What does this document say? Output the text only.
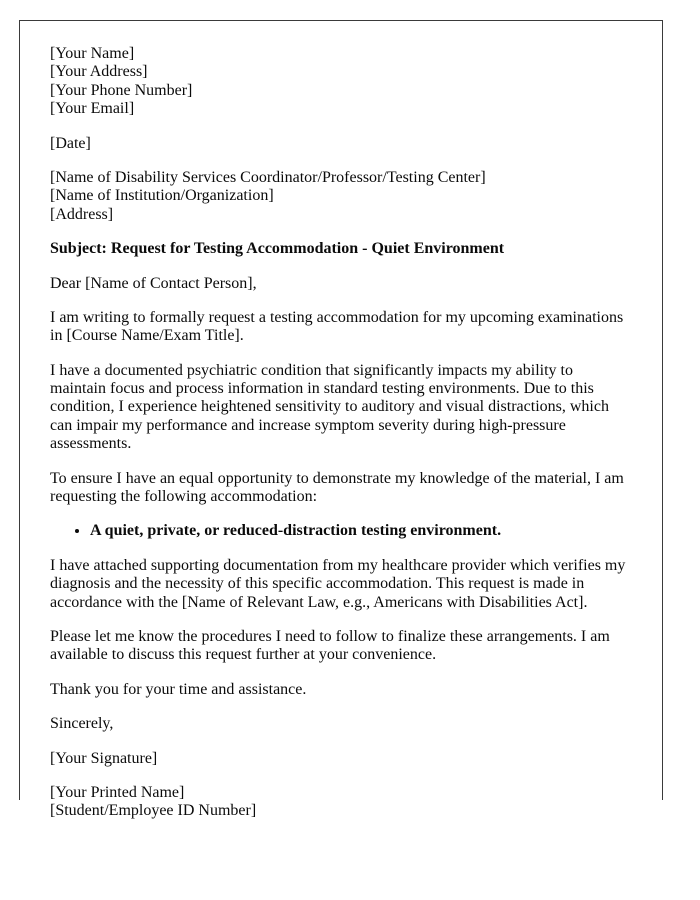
[Your Name]
[Your Address]
[Your Phone Number]
[Your Email]

[Date]

[Name of Disability Services Coordinator/Professor/Testing Center]
[Name of Institution/Organization]
[Address]

Subject: Request for Testing Accommodation - Quiet Environment

Dear [Name of Contact Person],

I am writing to formally request a testing accommodation for my upcoming examinations in [Course Name/Exam Title].

I have a documented psychiatric condition that significantly impacts my ability to maintain focus and process information in standard testing environments. Due to this condition, I experience heightened sensitivity to auditory and visual distractions, which can impair my performance and increase symptom severity during high-pressure assessments.

To ensure I have an equal opportunity to demonstrate my knowledge of the material, I am requesting the following accommodation:

• A quiet, private, or reduced-distraction testing environment.

I have attached supporting documentation from my healthcare provider which verifies my diagnosis and the necessity of this specific accommodation. This request is made in accordance with the [Name of Relevant Law, e.g., Americans with Disabilities Act].

Please let me know the procedures I need to follow to finalize these arrangements. I am available to discuss this request further at your convenience.

Thank you for your time and assistance.

Sincerely,

[Your Signature]

[Your Printed Name]
[Student/Employee ID Number]
